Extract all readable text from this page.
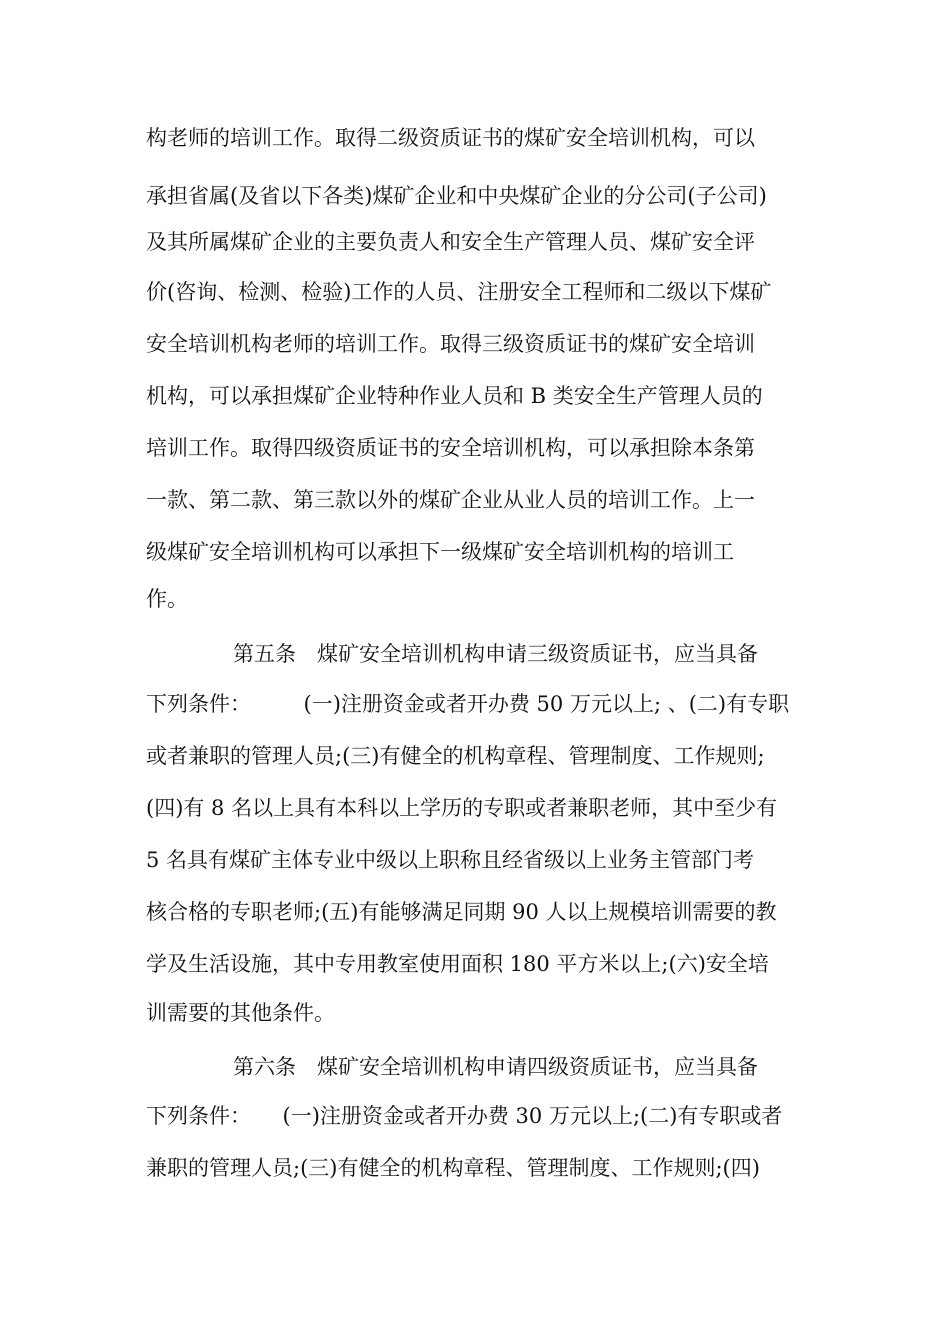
构老师的培训工作。取得二级资质证书的煤矿安全培训机构，可以
承担省属(及省以下各类)煤矿企业和中央煤矿企业的分公司(子公司)
及其所属煤矿企业的主要负责人和安全生产管理人员、煤矿安全评
价(咨询、检测、检验)工作的人员、注册安全工程师和二级以下煤矿
安全培训机构老师的培训工作。取得三级资质证书的煤矿安全培训
机构，可以承担煤矿企业特种作业人员和 B 类安全生产管理人员的
培训工作。取得四级资质证书的安全培训机构，可以承担除本条第
一款、第二款、第三款以外的煤矿企业从业人员的培训工作。上一
级煤矿安全培训机构可以承担下一级煤矿安全培训机构的培训工
作。
第五条　煤矿安全培训机构申请三级资质证书，应当具备
下列条件：　　　(一)注册资金或者开办费 50 万元以上; 、(二)有专职
或者兼职的管理人员;(三)有健全的机构章程、管理制度、工作规则;
(四)有 8 名以上具有本科以上学历的专职或者兼职老师，其中至少有
5 名具有煤矿主体专业中级以上职称且经省级以上业务主管部门考
核合格的专职老师;(五)有能够满足同期 90 人以上规模培训需要的教
学及生活设施，其中专用教室使用面积 180 平方米以上;(六)安全培
训需要的其他条件。
第六条　煤矿安全培训机构申请四级资质证书，应当具备
下列条件：　　(一)注册资金或者开办费 30 万元以上;(二)有专职或者
兼职的管理人员;(三)有健全的机构章程、管理制度、工作规则;(四)
